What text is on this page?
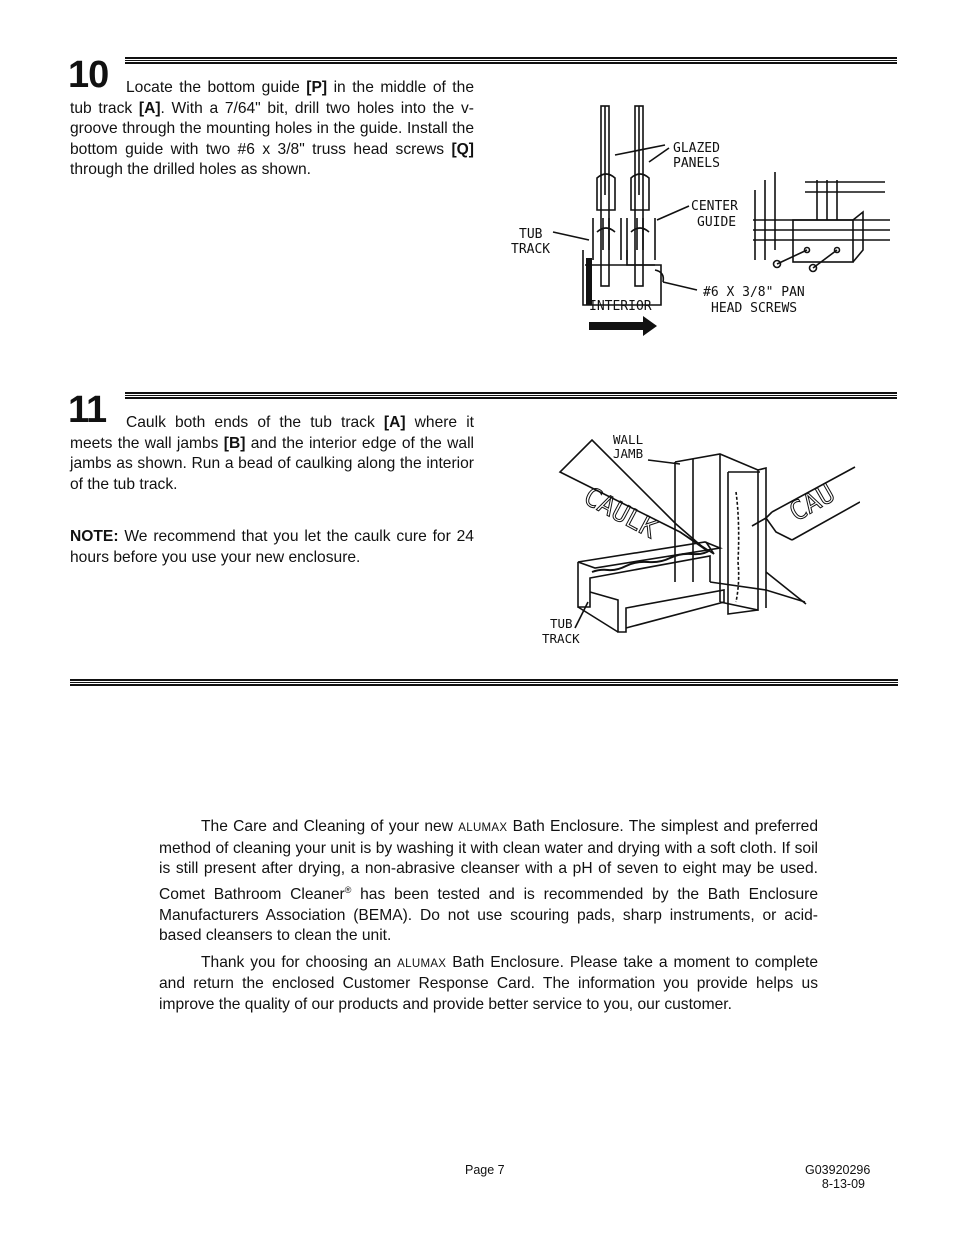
10	Locate the bottom guide [P] in the middle of the tub track [A]. With a 7/64" bit, drill two holes into the v-groove through the mounting holes in the guide. Install the bottom guide with two #6 x 3/8" truss head screws [Q] through the drilled holes as shown.
GLAZED
PANELS
CENTER
GUIDE
TUB
TRACK
INTERIOR
#6 X 3/8" PAN
HEAD SCREWS
11	Caulk both ends of the tub track [A] where it meets the wall jambs [B] and the interior edge of the wall jambs as shown. Run a bead of caulking along the interior of the tub track.
NOTE: We recommend that you let the caulk cure for 24 hours before you use your new enclosure.
WALL
JAMB
TUB
TRACK
CAULK	CAU

The Care and Cleaning of your new ALUMAX Bath Enclosure. The simplest and preferred method of cleaning your unit is by washing it with clean water and drying with a soft cloth. If soil is still present after drying, a non-abrasive cleanser with a pH of seven to eight may be used. Comet Bathroom Cleaner® has been tested and is recommended by the Bath Enclosure Manufacturers Association (BEMA). Do not use scouring pads, sharp instruments, or acid-based cleansers to clean the unit.

Thank you for choosing an ALUMAX Bath Enclosure. Please take a moment to complete and return the enclosed Customer Response Card. The information you provide helps us improve the quality of our products and provide better service to you, our customer.

Page 7	G03920296
8-13-09
